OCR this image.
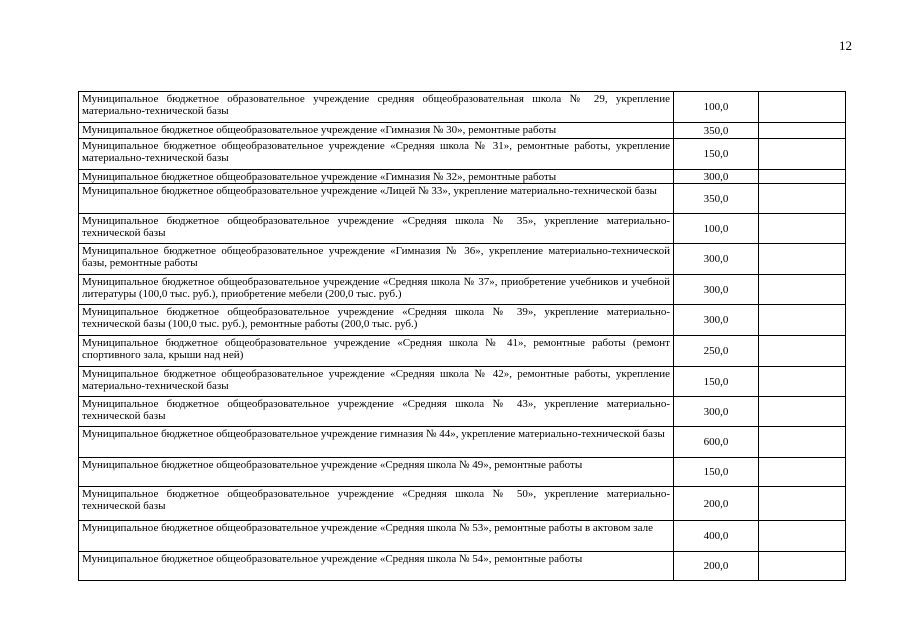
12
Муниципальное бюджетное образовательное учреждение средняя общеобразовательная школа № 29, укрепление материально-технической базы	100,0	
Муниципальное бюджетное общеобразовательное учреждение «Гимназия № 30», ремонтные работы	350,0	
Муниципальное бюджетное общеобразовательное учреждение «Средняя школа № 31», ремонтные работы, укрепление материально-технической базы	150,0	
Муниципальное бюджетное общеобразовательное учреждение «Гимназия № 32», ремонтные работы	300,0	
Муниципальное бюджетное общеобразовательное учреждение «Лицей № 33», укрепление материально-технической базы	350,0	
Муниципальное бюджетное общеобразовательное учреждение «Средняя школа № 35», укрепление материально-технической базы	100,0	
Муниципальное бюджетное общеобразовательное учреждение «Гимназия № 36», укрепление материально-технической базы, ремонтные работы	300,0	
Муниципальное бюджетное общеобразовательное учреждение «Средняя школа № 37», приобретение учебников и учебной литературы (100,0 тыс. руб.), приобретение мебели (200,0 тыс. руб.)	300,0	
Муниципальное бюджетное общеобразовательное учреждение «Средняя школа № 39», укрепление материально-технической базы (100,0 тыс. руб.), ремонтные работы (200,0 тыс. руб.)	300,0	
Муниципальное бюджетное общеобразовательное учреждение «Средняя школа № 41», ремонтные работы (ремонт спортивного зала, крыши над ней)	250,0	
Муниципальное бюджетное общеобразовательное учреждение «Средняя школа № 42», ремонтные работы, укрепление материально-технической базы	150,0	
Муниципальное бюджетное общеобразовательное учреждение «Средняя школа № 43», укрепление материально-технической базы	300,0	
Муниципальное бюджетное общеобразовательное учреждение гимназия № 44», укрепление материально-технической базы	600,0	
Муниципальное бюджетное общеобразовательное учреждение «Средняя школа № 49», ремонтные работы	150,0	
Муниципальное бюджетное общеобразовательное учреждение «Средняя школа № 50», укрепление материально-технической базы	200,0	
Муниципальное бюджетное общеобразовательное учреждение «Средняя школа № 53», ремонтные работы в актовом зале	400,0	
Муниципальное бюджетное общеобразовательное учреждение «Средняя школа № 54», ремонтные работы	200,0	
